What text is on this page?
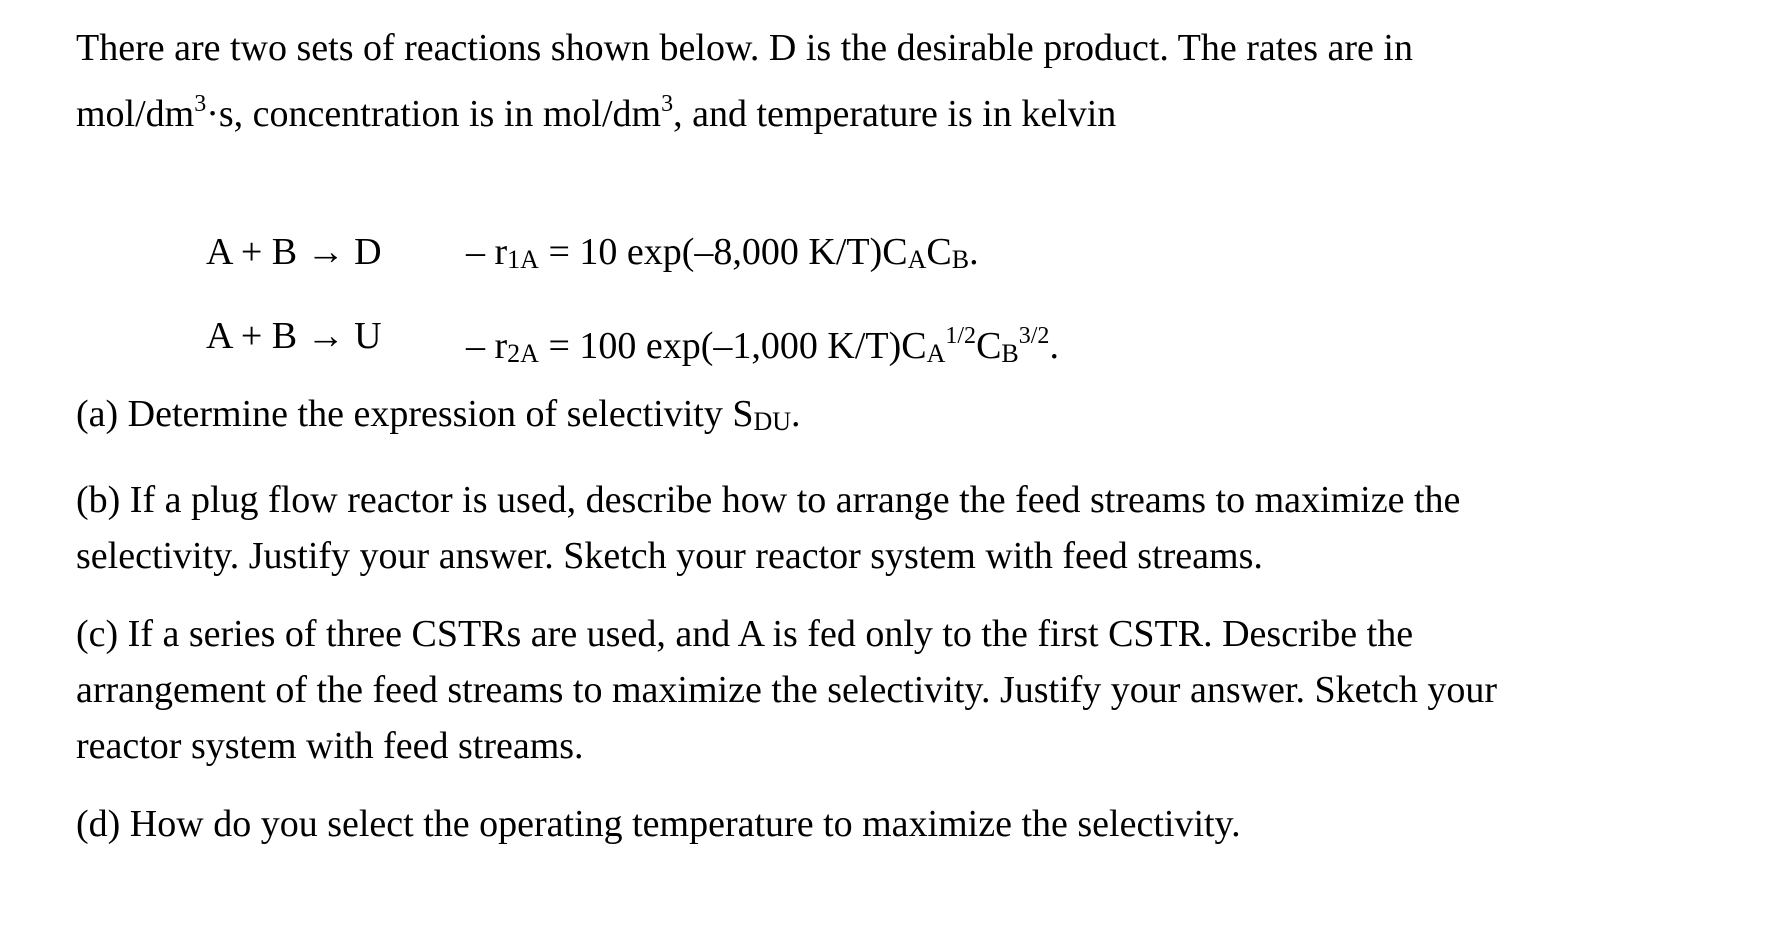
There are two sets of reactions shown below. D is the desirable product. The rates are in
mol/$dm^3\cdot s$, concentration is in mol/$dm^3$, and temperature is in kelvin

A + B → D – r1A = 10 exp(–8,000 K/T)CACB.
A + B → U – r2A = 100 exp(–1,000 $K/T)CA^{1/2}CB^{3/2}$.

(a) Determine the expression of selectivity SDU.

(b) If a plug flow reactor is used, describe how to arrange the feed streams to maximize the
selectivity. Justify your answer. Sketch your reactor system with feed streams.

(c) If a series of three CSTRs are used, and A is fed only to the first CSTR. Describe the
arrangement of the feed streams to maximize the selectivity. Justify your answer. Sketch your
reactor system with feed streams.

(d) How do you select the operating temperature to maximize the selectivity.
